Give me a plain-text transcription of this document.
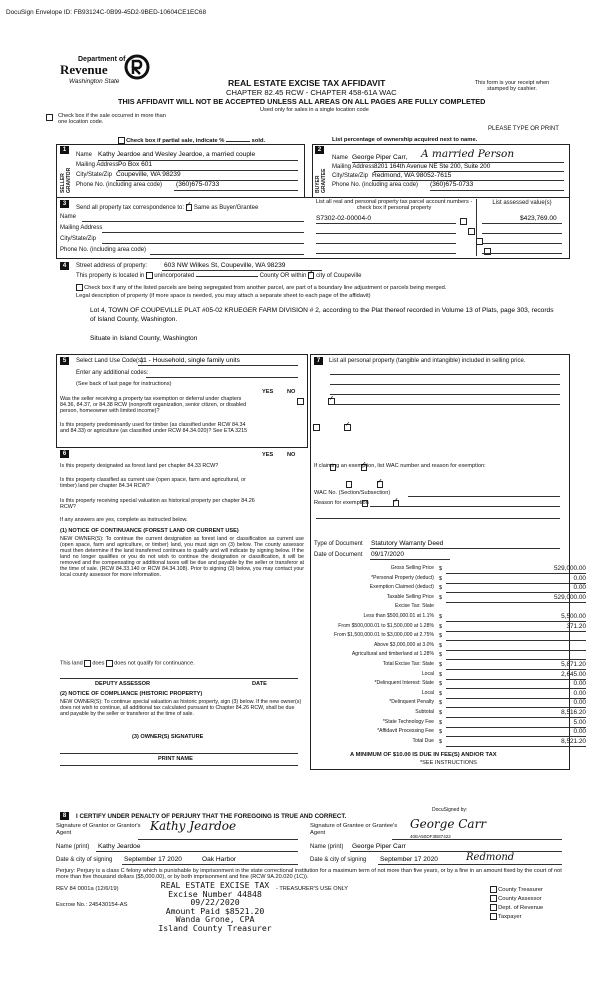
DocuSign Envelope ID: FB93124C-0B99-45D2-9BED-10604CE1EC68
Department of
Revenue
Washington State	REAL ESTATE EXCISE TAX AFFIDAVIT
CHAPTER 82.45 RCW - CHAPTER 458-61A WAC
THIS AFFIDAVIT WILL NOT BE ACCEPTED UNLESS ALL AREAS ON ALL PAGES ARE FULLY COMPLETED
Used only for sales in a single location code
This form is your receipt when stamped by cashier.
PLEASE TYPE OR PRINT
Check box if the sale occurred in more than one location code.
Check box if partial sale, indicate %	sold.	List percentage of ownership acquired next to name.
1
SELLER GRANTOR
Name Kathy Jeardoe and Wesley Jeardoe, a married couple
Mailing Address Po Box 601
City/State/Zip Coupeville, WA 98239
Phone No. (including area code) (360)675-0733
2
BUYER GRANTEE
Name George Piper Carr, A married Person
Mailing Address 8201 164th Avenue NE Ste 200, Suite 200
City/State/Zip Redmond, WA 98052-7615
Phone No. (including area code) (360)675-0733
3
Send all property tax correspondence to: ✓ Same as Buyer/Grantee
Name
Mailing Address
City/State/Zip
Phone No. (including area code)
List all real and personal property tax parcel account numbers - check box if personal property
List assessed value(s)
S7302-02-00004-0	$423,769.00

4	Street address of property:	603 NW Wilkes St, Coupeville, WA 98239
This property is located in unincorporated	County OR within ✓ city of Coupeville
Check box if any of the listed parcels are being segregated from another parcel, are part of a boundary line adjustment or parcels being merged.
Legal description of property (if more space is needed, you may attach a separate sheet to each page of the affidavit)
Lot 4, TOWN OF COUPEVILLE PLAT #05-02 KRUEGER FARM DIVISION # 2, according to the Plat thereof recorded in Volume 13 of Plats, page 303, records of Island County, Washington.
Situate in Island County, Washington
5	Select Land Use Code(s):
11 - Household, single family units
Enter any additional codes:
(See back of last page for instructions)
YES NO
Was the seller receiving a property tax exemption or deferral under chapters 84.36, 84.37, or 84.38 RCW (nonprofit organization, senior citizen, or disabled person, homeowner with limited income)?
✓
Is this property predominantly used for timber (as classified under RCW 84.34 and 84.33) or agriculture (as classified under RCW 84.34.020)? See ETA 3215
✓
6	YES NO
Is this property designated as forest land per chapter 84.33 RCW?
✓
Is this property classified as current use (open space, farm and agricultural, or timber) land per chapter 84.34 RCW?
✓
Is this property receiving special valuation as historical property per chapter 84.26 RCW?
✓
If any answers are yes, complete as instructed below.
(1) NOTICE OF CONTINUANCE (FOREST LAND OR CURRENT USE)
NEW OWNER(S): To continue the current designation as forest land or classification as current use (open space, farm and agriculture, or timber) land, you must sign on (3) below. The county assessor must then determine if the land transferred continues to qualify and will indicate by signing below. If the land no longer qualifies or you do not wish to continue the designation or classification, it will be removed and the compensating or additional taxes will be due and payable by the seller or transferor at the time of sale. (RCW 84.33.140 or RCW 84.34.108). Prior to signing (3) below, you may contact your local county assessor for more information.
This land does does not qualify for continuance.
DEPUTY ASSESSOR	DATE
(2) NOTICE OF COMPLIANCE (HISTORIC PROPERTY)
NEW OWNER(S): To continue special valuation as historic property, sign (3) below. If the new owner(s) does not wish to continue, all additional tax calculated pursuant to Chapter 84.26 RCW, shall be due and payable by the seller or transferor at the time of sale.
(3) OWNER(S) SIGNATURE
PRINT NAME
7	List all personal property (tangible and intangible) included in selling price.
If claiming an exemption, list WAC number and reason for exemption:
WAC No. (Section/Subsection)
Reason for exemption
Type of Document Statutory Warranty Deed
Date of Document 09/17/2020
Gross Selling Price $	529,000.00
*Personal Property (deduct) $	0.00
Exemption Claimed (deduct) $	0.00
Taxable Selling Price $	529,000.00
Excise Tax: State
Less than $500,000.01 at 1.1% $	5,500.00
From $500,000.01 to $1,500,000 at 1.28% $	371.20
From $1,500,000.01 to $3,000,000 at 2.75% $
Above $3,000,000 at 3.0% $
Agricultural and timberland at 1.28% $
Total Excise Tax: State $	5,871.20
Local $	2,645.00
*Delinquent Interest: State $	0.00
Local $	0.00
*Delinquent Penalty $	0.00
Subtotal $	8,516.20
*State Technology Fee $	5.00
*Affidavit Processing Fee $	0.00
Total Due $	8,521.20
A MINIMUM OF $10.00 IS DUE IN FEE(S) AND/OR TAX
*SEE INSTRUCTIONS
8	I CERTIFY UNDER PENALTY OF PERJURY THAT THE FOREGOING IS TRUE AND CORRECT.
DocuSigned by:
Signature of Grantor or Grantor's Agent	Kathy Jeardoe	Signature of Grantee or Grantee's Agent
George Carr
40EA50DF3B87422
Name (print) Kathy Jeardoe	Name (print) George Piper Carr
Date & city of signing September 17 2020	Oak Harbor	Date & city of signing September 17 2020	Redmond
Perjury: Perjury is a class C felony which is punishable by imprisonment in the state correctional institution for a maximum term of not more than five years, or by a fine in an amount fixed by the court of not more than five thousand dollars ($5,000.00), or by both imprisonment and fine (RCW 9A.20.020 (1C)).
REV 84 0001a (12/6/19)
Escrow No.: 245430154-AS
- TREASURER'S USE ONLY	County Treasurer
County Assessor
Dept. of Revenue
Taxpayer
REAL ESTATE EXCISE TAX
Excise Number 44848
09/22/2020
Amount Paid $8521.20
Wanda Grone, CPA
Island County Treasurer
